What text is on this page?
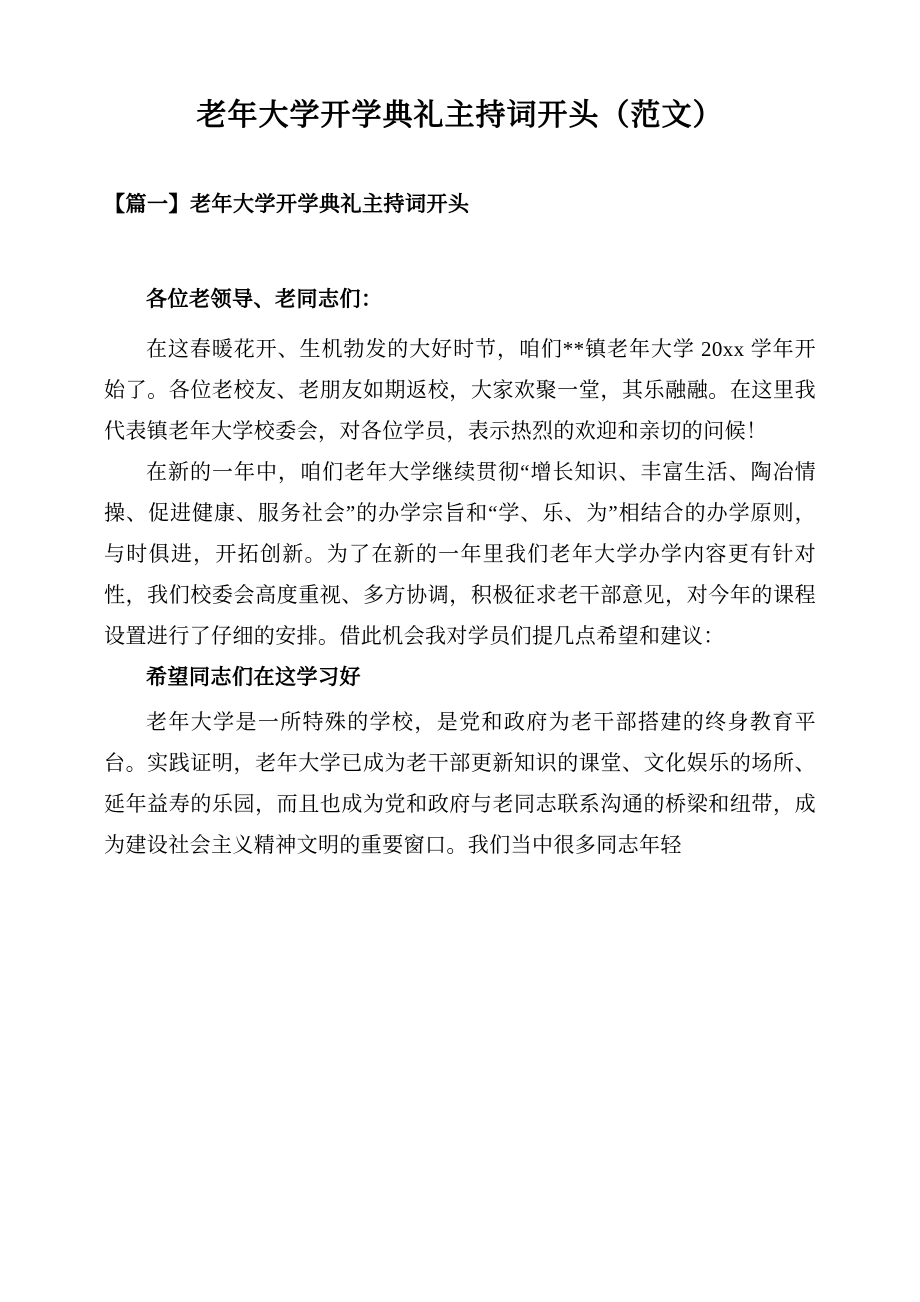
老年大学开学典礼主持词开头（范文）
【篇一】老年大学开学典礼主持词开头
各位老领导、老同志们：

在这春暖花开、生机勃发的大好时节，咱们**镇老年大学 20xx 学年开始了。各位老校友、老朋友如期返校，大家欢聚一堂，其乐融融。在这里我代表镇老年大学校委会，对各位学员，表示热烈的欢迎和亲切的问候！

在新的一年中，咱们老年大学继续贯彻“增长知识、丰富生活、陶冶情操、促进健康、服务社会”的办学宗旨和“学、乐、为”相结合的办学原则，与时俱进，开拓创新。为了在新的一年里我们老年大学办学内容更有针对性，我们校委会高度重视、多方协调，积极征求老干部意见，对今年的课程设置进行了仔细的安排。借此机会我对学员们提几点希望和建议：

希望同志们在这学习好

老年大学是一所特殊的学校，是党和政府为老干部搭建的终身教育平台。实践证明，老年大学已成为老干部更新知识的课堂、文化娱乐的场所、延年益寿的乐园，而且也成为党和政府与老同志联系沟通的桥梁和纽带，成为建设社会主义精神文明的重要窗口。我们当中很多同志年轻
